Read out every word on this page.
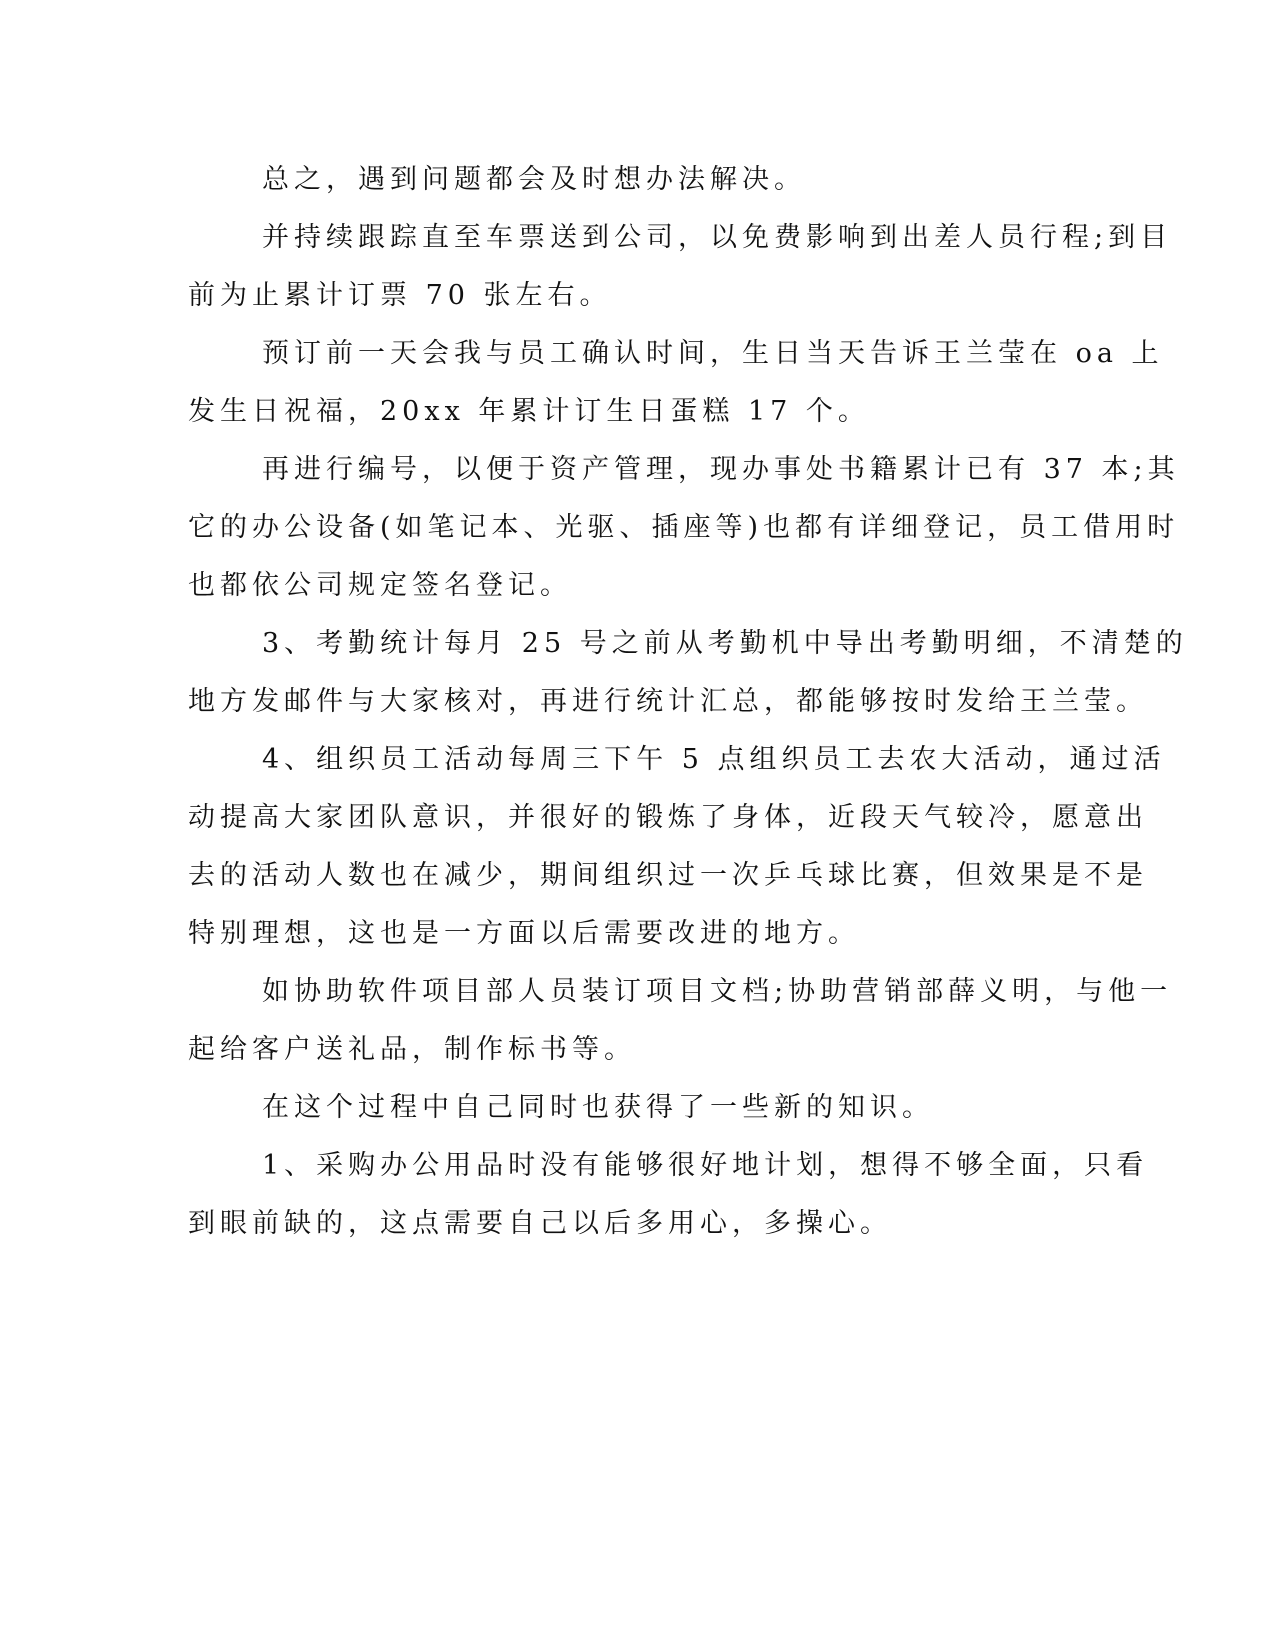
总之，遇到问题都会及时想办法解决。
并持续跟踪直至车票送到公司，以免费影响到出差人员行程;到目
前为止累计订票 70 张左右。
预订前一天会我与员工确认时间，生日当天告诉王兰莹在 oa 上
发生日祝福，20xx 年累计订生日蛋糕 17 个。
再进行编号，以便于资产管理，现办事处书籍累计已有 37 本;其
它的办公设备(如笔记本、光驱、插座等)也都有详细登记，员工借用时
也都依公司规定签名登记。
3、考勤统计每月 25 号之前从考勤机中导出考勤明细，不清楚的
地方发邮件与大家核对，再进行统计汇总，都能够按时发给王兰莹。
4、组织员工活动每周三下午 5 点组织员工去农大活动，通过活
动提高大家团队意识，并很好的锻炼了身体，近段天气较冷，愿意出
去的活动人数也在减少，期间组织过一次乒乓球比赛，但效果是不是
特别理想，这也是一方面以后需要改进的地方。
如协助软件项目部人员装订项目文档;协助营销部薛义明，与他一
起给客户送礼品，制作标书等。
在这个过程中自己同时也获得了一些新的知识。
1、采购办公用品时没有能够很好地计划，想得不够全面，只看
到眼前缺的，这点需要自己以后多用心，多操心。
